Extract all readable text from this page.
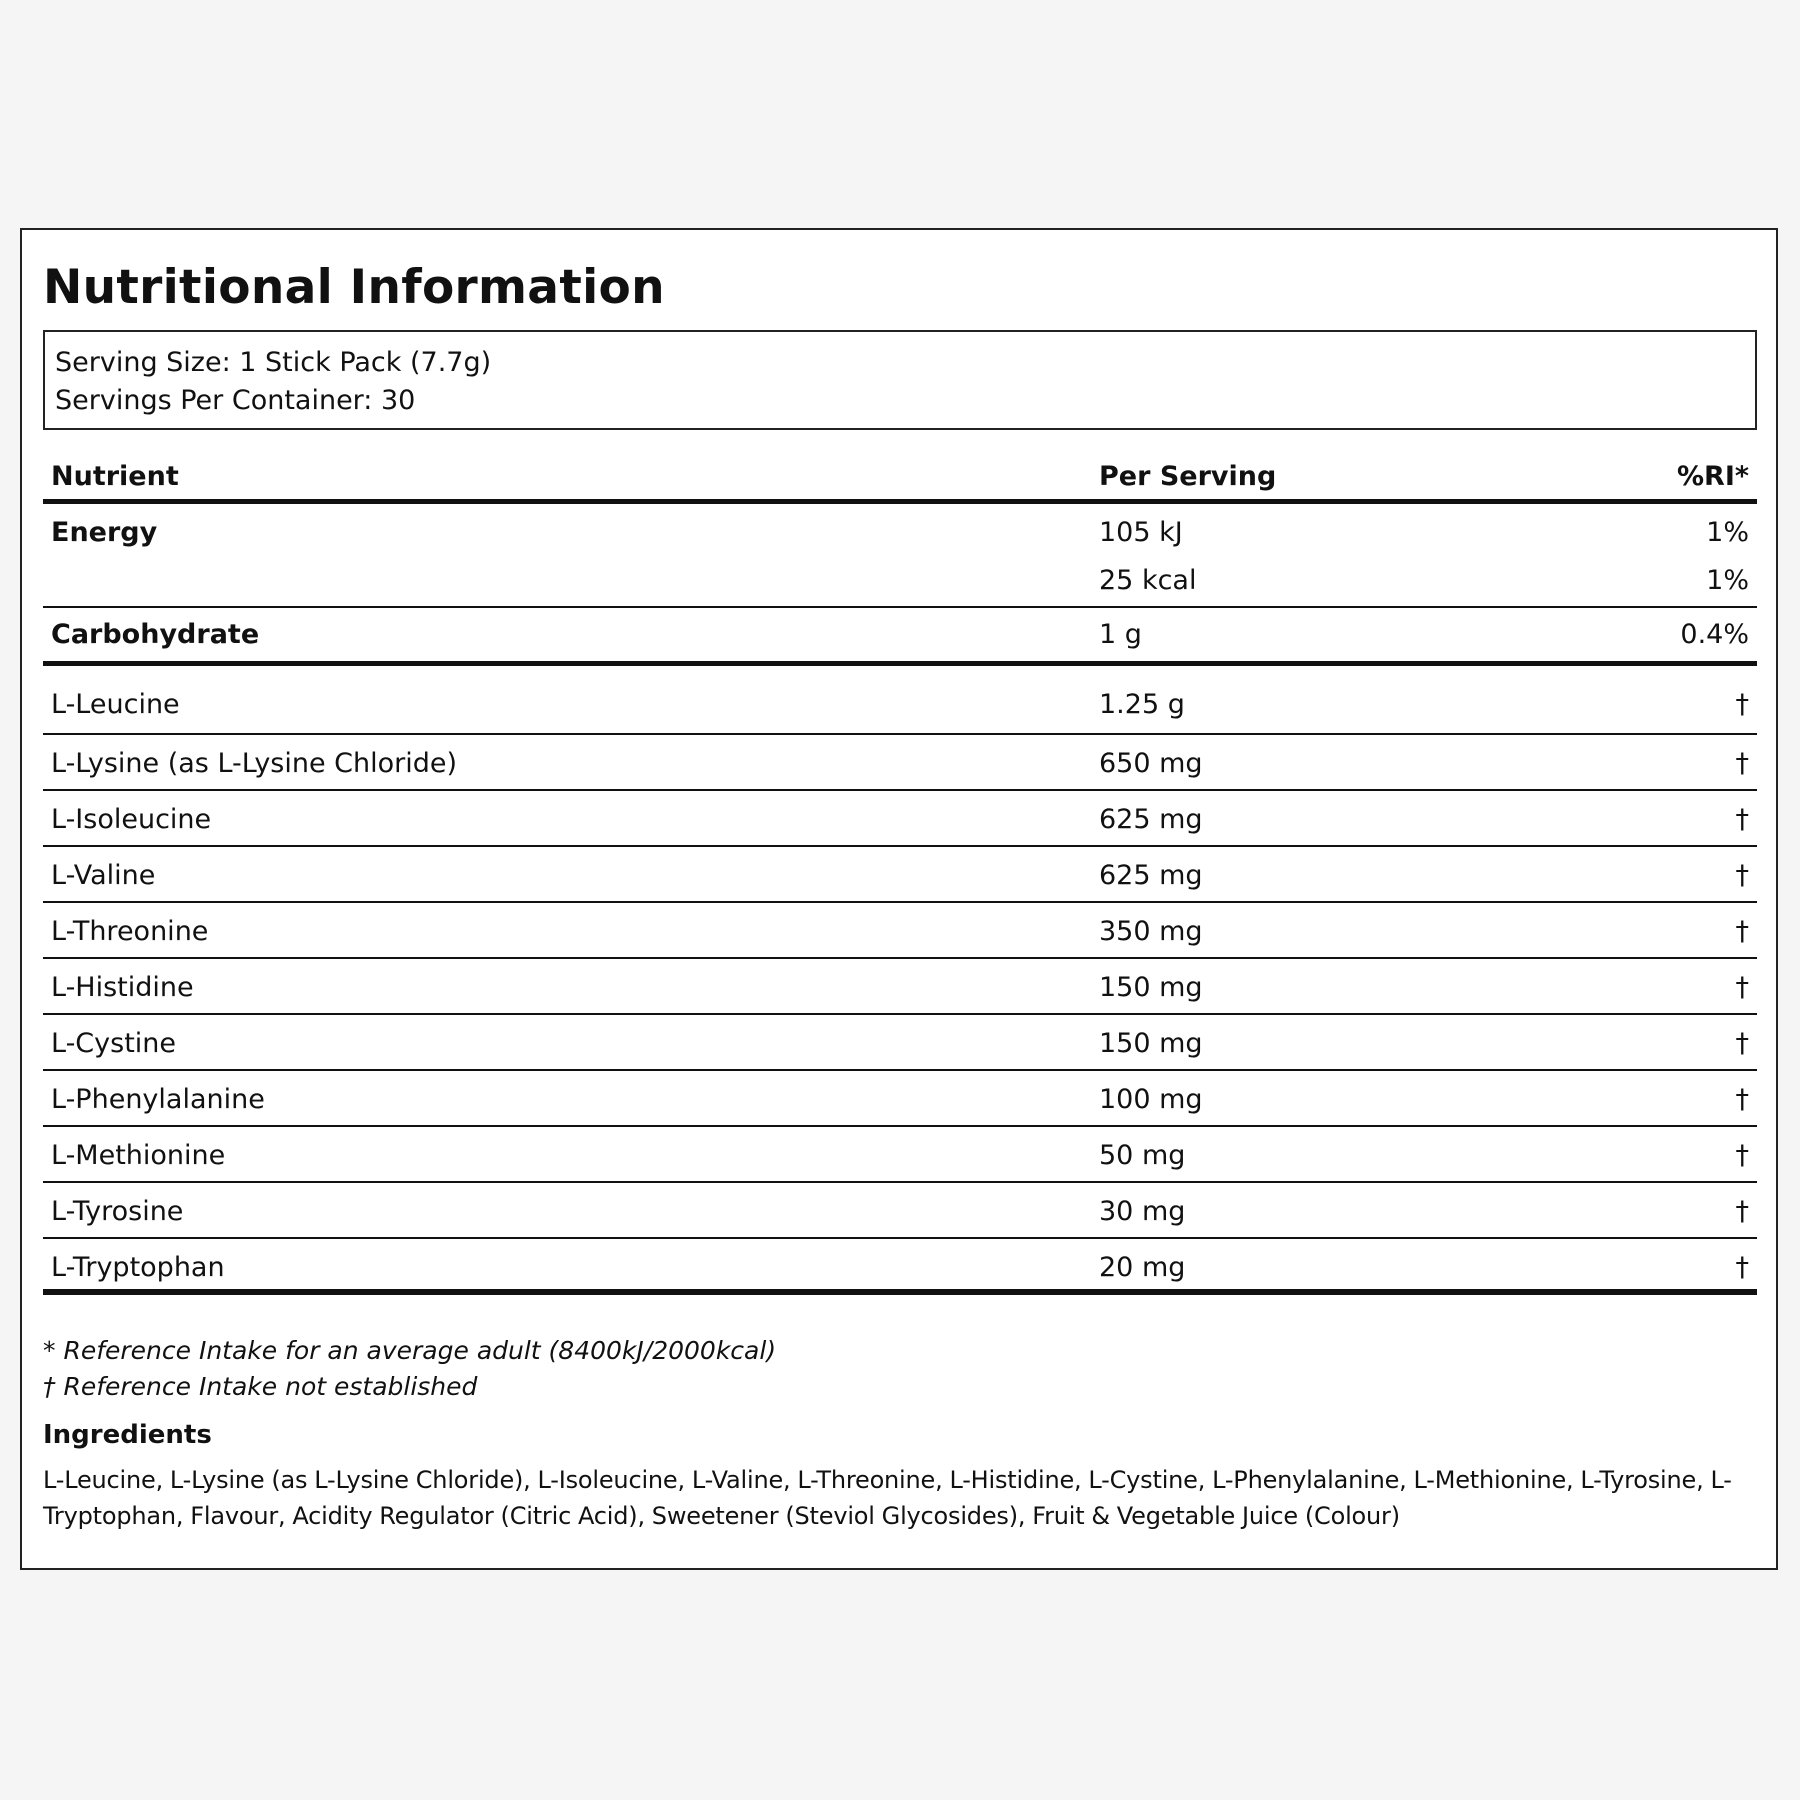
Nutritional Information
Serving Size: 1 Stick Pack (7.7g)
Servings Per Container: 30
Nutrient	Per Serving	%RI*
Energy	105 kJ	1%
25 kcal	1%
Carbohydrate	1 g	0.4%
L-Leucine	1.25 g	†
L-Lysine (as L-Lysine Chloride)	650 mg	†
L-Isoleucine	625 mg	†
L-Valine	625 mg	†
L-Threonine	350 mg	†
L-Histidine	150 mg	†
L-Cystine	150 mg	†
L-Phenylalanine	100 mg	†
L-Methionine	50 mg	†
L-Tyrosine	30 mg	†
L-Tryptophan	20 mg	†
* Reference Intake for an average adult (8400kJ/2000kcal)
† Reference Intake not established
Ingredients
L-Leucine, L-Lysine (as L-Lysine Chloride), L-Isoleucine, L-Valine, L-Threonine, L-Histidine, L-Cystine, L-Phenylalanine, L-Methionine, L-Tyrosine, L-Tryptophan, Flavour, Acidity Regulator (Citric Acid), Sweetener (Steviol Glycosides), Fruit & Vegetable Juice (Colour)
